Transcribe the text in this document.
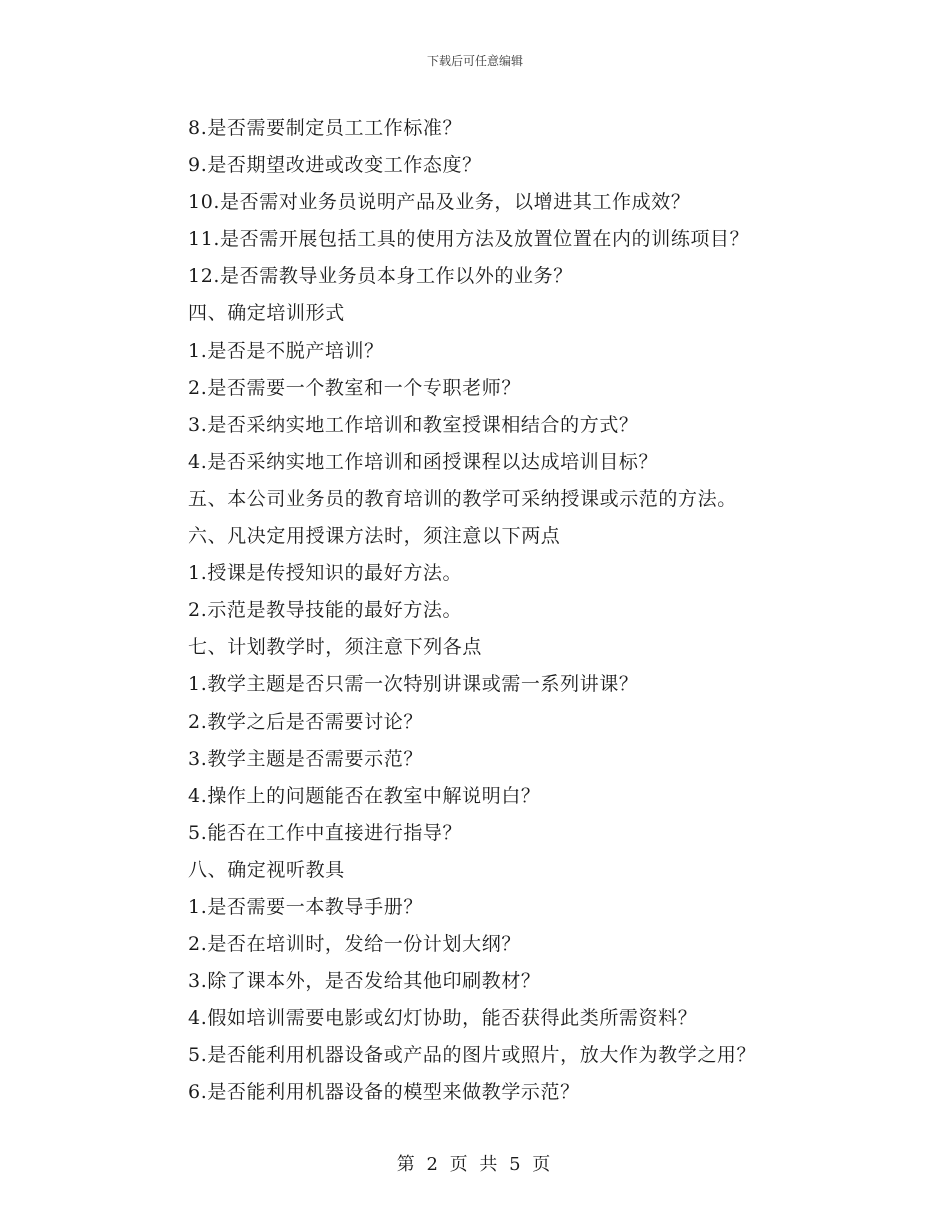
下载后可任意编辑
8.是否需要制定员工工作标准？
9.是否期望改进或改变工作态度？
10.是否需对业务员说明产品及业务，以增进其工作成效？
11.是否需开展包括工具的使用方法及放置位置在内的训练项目？
12.是否需教导业务员本身工作以外的业务？
四、确定培训形式
1.是否是不脱产培训？
2.是否需要一个教室和一个专职老师？
3.是否采纳实地工作培训和教室授课相结合的方式？
4.是否采纳实地工作培训和函授课程以达成培训目标？
五、本公司业务员的教育培训的教学可采纳授课或示范的方法。
六、凡决定用授课方法时，须注意以下两点
1.授课是传授知识的最好方法。
2.示范是教导技能的最好方法。
七、计划教学时，须注意下列各点
1.教学主题是否只需一次特别讲课或需一系列讲课？
2.教学之后是否需要讨论？
3.教学主题是否需要示范？
4.操作上的问题能否在教室中解说明白？
5.能否在工作中直接进行指导？
八、确定视听教具
1.是否需要一本教导手册？
2.是否在培训时，发给一份计划大纲？
3.除了课本外，是否发给其他印刷教材？
4.假如培训需要电影或幻灯协助，能否获得此类所需资料？
5.是否能利用机器设备或产品的图片或照片，放大作为教学之用？
6.是否能利用机器设备的模型来做教学示范？
第 2 页 共 5 页
